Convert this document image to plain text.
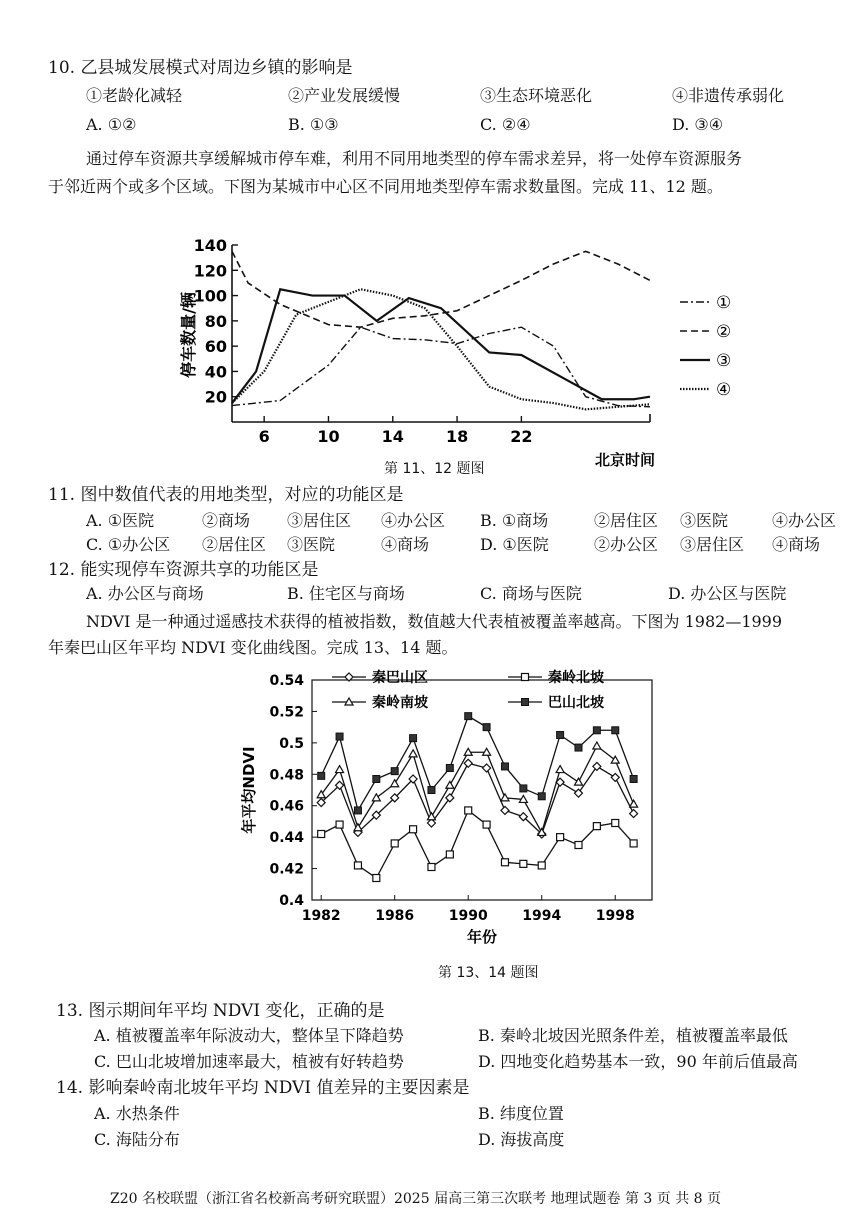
10. 乙县城发展模式对周边乡镇的影响是
①老龄化减轻	②产业发展缓慢	③生态环境恶化	④非遗传承弱化
A. ①②	B. ①③	C. ②④	D. ③④
通过停车资源共享缓解城市停车难，利用不同用地类型的停车需求差异，将一处停车资源服务
于邻近两个或多个区域。下图为某城市中心区不同用地类型停车需求数量图。完成 11、12 题。
20
40
60
80
100
120
140
6	10	14	18	22
停车数量/辆
北京时间
①
②
③
④
第 11、12 题图
11. 图中数值代表的用地类型，对应的功能区是
A. ①医院	②商场 ③居住区 ④办公区 B. ①商场	②居住区 ③医院	④办公区
C. ①办公区 ②居住区 ③医院	④商场	D. ①医院	②办公区 ③居住区 ④商场
12. 能实现停车资源共享的功能区是
A. 办公区与商场	B. 住宅区与商场	C. 商场与医院	D. 办公区与医院
NDVI 是一种通过遥感技术获得的植被指数，数值越大代表植被覆盖率越高。下图为 1982—1999
年秦巴山区年平均 NDVI 变化曲线图。完成 13、14 题。
0.4
0.42
0.44
0.46
0.48
0.5
0.52
0.54
1982 1986 1990 1994 1998
年份
年平均NDVI
秦巴山区	秦岭北坡
秦岭南坡	巴山北坡
第 13、14 题图
13. 图示期间年平均 NDVI 变化，正确的是
A. 植被覆盖率年际波动大，整体呈下降趋势	B. 秦岭北坡因光照条件差，植被覆盖率最低
C. 巴山北坡增加速率最大，植被有好转趋势	D. 四地变化趋势基本一致，90 年前后值最高
14. 影响秦岭南北坡年平均 NDVI 值差异的主要因素是
A. 水热条件	B. 纬度位置
C. 海陆分布	D. 海拔高度
Z20 名校联盟（浙江省名校新高考研究联盟）2025 届高三第三次联考 地理试题卷 第 3 页 共 8 页
